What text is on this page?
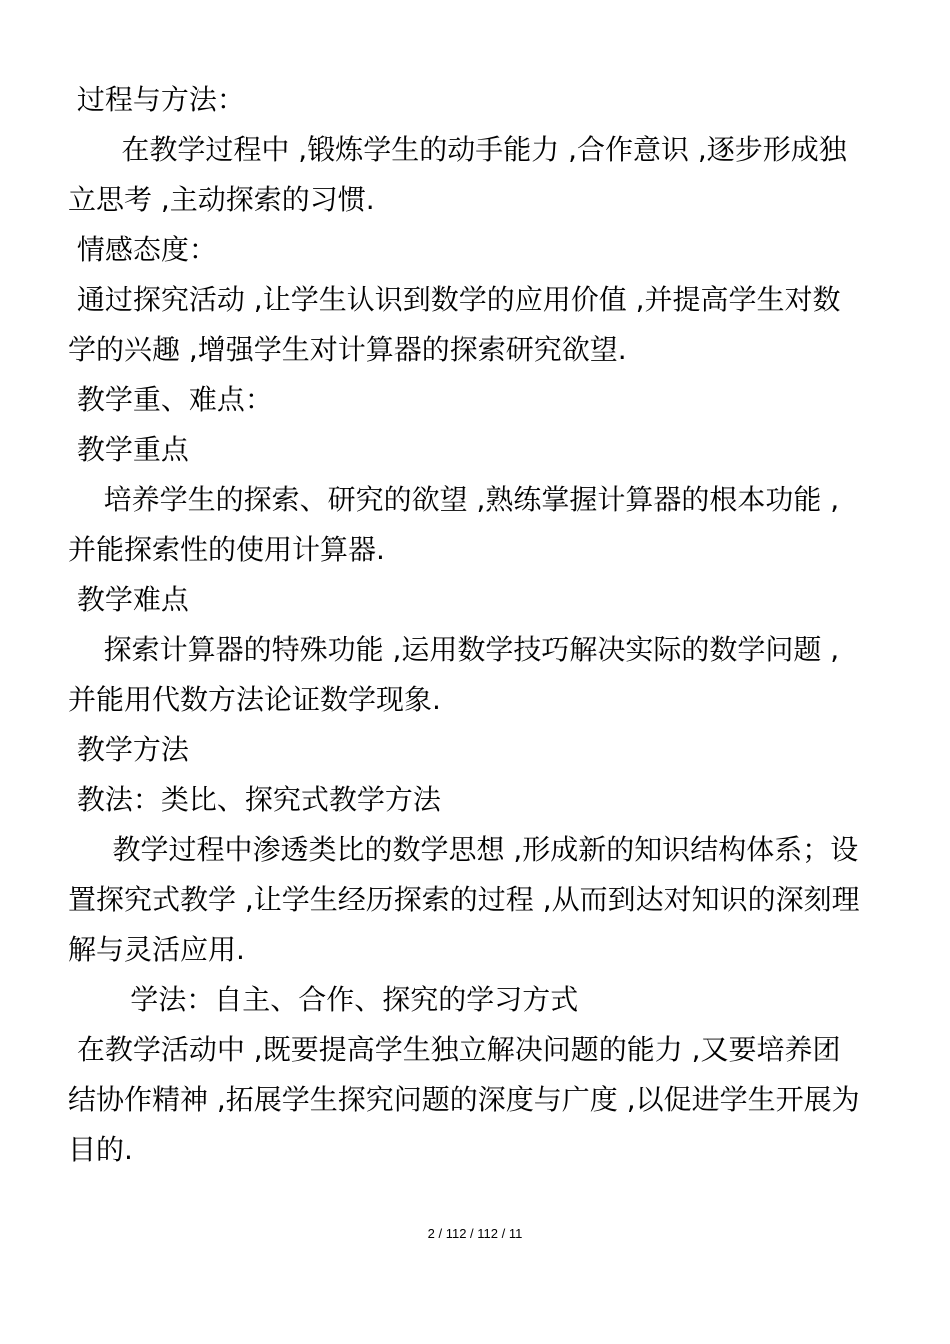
过程与方法：
在教学过程中 ,锻炼学生的动手能力 ,合作意识 ,逐步形成独
立思考 ,主动探索的习惯.
情感态度：
通过探究活动 ,让学生认识到数学的应用价值 ,并提高学生对数
学的兴趣 ,增强学生对计算器的探索研究欲望.
教学重、难点：
教学重点
培养学生的探索、研究的欲望 ,熟练掌握计算器的根本功能 ,
并能探索性的使用计算器.
教学难点
探索计算器的特殊功能 ,运用数学技巧解决实际的数学问题 ,
并能用代数方法论证数学现象.
教学方法
教法：类比、探究式教学方法
教学过程中渗透类比的数学思想 ,形成新的知识结构体系；设
置探究式教学 ,让学生经历探索的过程 ,从而到达对知识的深刻理
解与灵活应用.
学法：自主、合作、探究的学习方式
在教学活动中 ,既要提高学生独立解决问题的能力 ,又要培养团
结协作精神 ,拓展学生探究问题的深度与广度 ,以促进学生开展为
目的.
2 / 112 / 112 / 11
